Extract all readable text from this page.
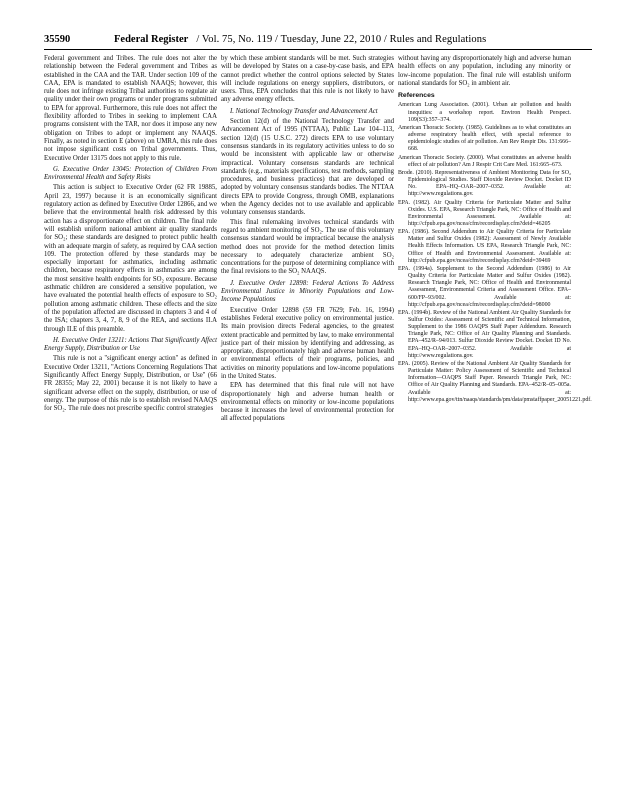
35590	Federal Register / Vol. 75, No. 119 / Tuesday, June 22, 2010 / Rules and Regulations

Federal government and Tribes. The rule does not alter the relationship between the Federal government and Tribes as established in the CAA and the TAR. Under section 109 of the CAA, EPA is mandated to establish NAAQS; however, this rule does not infringe existing Tribal authorities to regulate air quality under their own programs or under programs submitted to EPA for approval. Furthermore, this rule does not affect the flexibility afforded to Tribes in seeking to implement CAA programs consistent with the TAR, nor does it impose any new obligation on Tribes to adopt or implement any NAAQS. Finally, as noted in section E (above) on UMRA, this rule does not impose significant costs on Tribal governments. Thus, Executive Order 13175 does not apply to this rule.

G. Executive Order 13045: Protection of Children From Environmental Health and Safety Risks

This action is subject to Executive Order (62 FR 19885, April 23, 1997) because it is an economically significant regulatory action as defined by Executive Order 12866, and we believe that the environmental health risk addressed by this action has a disproportionate effect on children. The final rule will establish uniform national ambient air quality standards for SO₂; these standards are designed to protect public health with an adequate margin of safety, as required by CAA section 109. The protection offered by these standards may be especially important for asthmatics, including asthmatic children, because respiratory effects in asthmatics are among the most sensitive health endpoints for SO₂ exposure. Because asthmatic children are considered a sensitive population, we have evaluated the potential health effects of exposure to SO₂ pollution among asthmatic children. These effects and the size of the population affected are discussed in chapters 3 and 4 of the ISA; chapters 3, 4, 7, 8, 9 of the REA, and sections II.A through II.E of this preamble.

H. Executive Order 13211: Actions That Significantly Affect Energy Supply, Distribution or Use

This rule is not a ''significant energy action'' as defined in Executive Order 13211, ''Actions Concerning Regulations That Significantly Affect Energy Supply, Distribution, or Use'' (66 FR 28355; May 22, 2001) because it is not likely to have a significant adverse effect on the supply, distribution, or use of energy. The purpose of this rule is to establish revised NAAQS for SO₂. The rule does not prescribe specific control strategies

by which these ambient standards will be met. Such strategies will be developed by States on a case-by-case basis, and EPA cannot predict whether the control options selected by States will include regulations on energy suppliers, distributors, or users. Thus, EPA concludes that this rule is not likely to have any adverse energy effects.

I. National Technology Transfer and Advancement Act

Section 12(d) of the National Technology Transfer and Advancement Act of 1995 (NTTAA), Public Law 104–113, section 12(d) (15 U.S.C. 272) directs EPA to use voluntary consensus standards in its regulatory activities unless to do so would be inconsistent with applicable law or otherwise impractical. Voluntary consensus standards are technical standards (e.g., materials specifications, test methods, sampling procedures, and business practices) that are developed or adopted by voluntary consensus standards bodies. The NTTAA directs EPA to provide Congress, through OMB, explanations when the Agency decides not to use available and applicable voluntary consensus standards.

This final rulemaking involves technical standards with regard to ambient monitoring of SO₂. The use of this voluntary consensus standard would be impractical because the analysis method does not provide for the method detection limits necessary to adequately characterize ambient SO₂ concentrations for the purpose of determining compliance with the final revisions to the SO₂ NAAQS.

J. Executive Order 12898: Federal Actions To Address Environmental Justice in Minority Populations and Low-Income Populations

Executive Order 12898 (59 FR 7629; Feb. 16, 1994) establishes Federal executive policy on environmental justice. Its main provision directs Federal agencies, to the greatest extent practicable and permitted by law, to make environmental justice part of their mission by identifying and addressing, as appropriate, disproportionately high and adverse human health or environmental effects of their programs, policies, and activities on minority populations and low-income populations in the United States.

EPA has determined that this final rule will not have disproportionately high and adverse human health or environmental effects on minority or low-income populations because it increases the level of environmental protection for all affected populations

without having any disproportionately high and adverse human health effects on any population, including any minority or low-income population. The final rule will establish uniform national standards for SO₂ in ambient air.

References
American Lung Association. (2001). Urban air pollution and health inequities: a workshop report. Environ Health Perspect. 109(S3):357–374.
American Thoracic Society. (1985). Guidelines as to what constitutes an adverse respiratory health effect, with special reference to epidemiologic studies of air pollution. Am Rev Respir Dis. 131:666–668.
American Thoracic Society. (2000). What constitutes an adverse health effect of air pollution? Am J Respir Crit Care Med. 161:665–673.
Brode. (2010). Representativeness of Ambient Monitoring Data for SO₂ Epidemiological Studies. Staff Dioxide Review Docket. Docket ID No. EPA–HQ–OAR–2007–0352. Available at: http://www.regulations.gov.
EPA. (1982). Air Quality Criteria for Particulate Matter and Sulfur Oxides. U.S. EPA, Research Triangle Park, NC: Office of Health and Environmental Assessment. Available at: http://cfpub.epa.gov/ncea/cfm/recordisplay.cfm?deid=46205
EPA. (1986). Second Addendum to Air Quality Criteria for Particulate Matter and Sulfur Oxides (1982): Assessment of Newly Available Health Effects Information. US EPA, Research Triangle Park, NC: Office of Health and Environmental Assessment. Available at: http://cfpub.epa.gov/ncea/cfm/recordisplay.cfm?deid=39469
EPA. (1994a). Supplement to the Second Addendum (1986) to Air Quality Criteria for Particulate Matter and Sulfur Oxides (1982). Research Triangle Park, NC: Office of Health and Environmental Assessment, Environmental Criteria and Assessment Office. EPA–600/FP–93/002. Available at: http://cfpub.epa.gov/ncea/cfm/recordisplay.cfm?deid=98000
EPA. (1994b). Review of the National Ambient Air Quality Standards for Sulfur Oxides: Assessment of Scientific and Technical Information, Supplement to the 1986 OAQPS Staff Paper Addendum. Research Triangle Park, NC: Office of Air Quality Planning and Standards. EPA–452/R–94/013. Sulfur Dioxide Review Docket. Docket ID No. EPA–HQ–OAR–2007–0352. Available at http://www.regulations.gov.
EPA. (2005). Review of the National Ambient Air Quality Standards for Particulate Matter: Policy Assessment of Scientific and Technical Information—OAQPS Staff Paper. Research Triangle Park, NC: Office of Air Quality Planning and Standards. EPA–452/R–05–005a. Available at: http://www.epa.gov/ttn/naaqs/standards/pm/data/pmstaffpaper_20051221.pdf.
